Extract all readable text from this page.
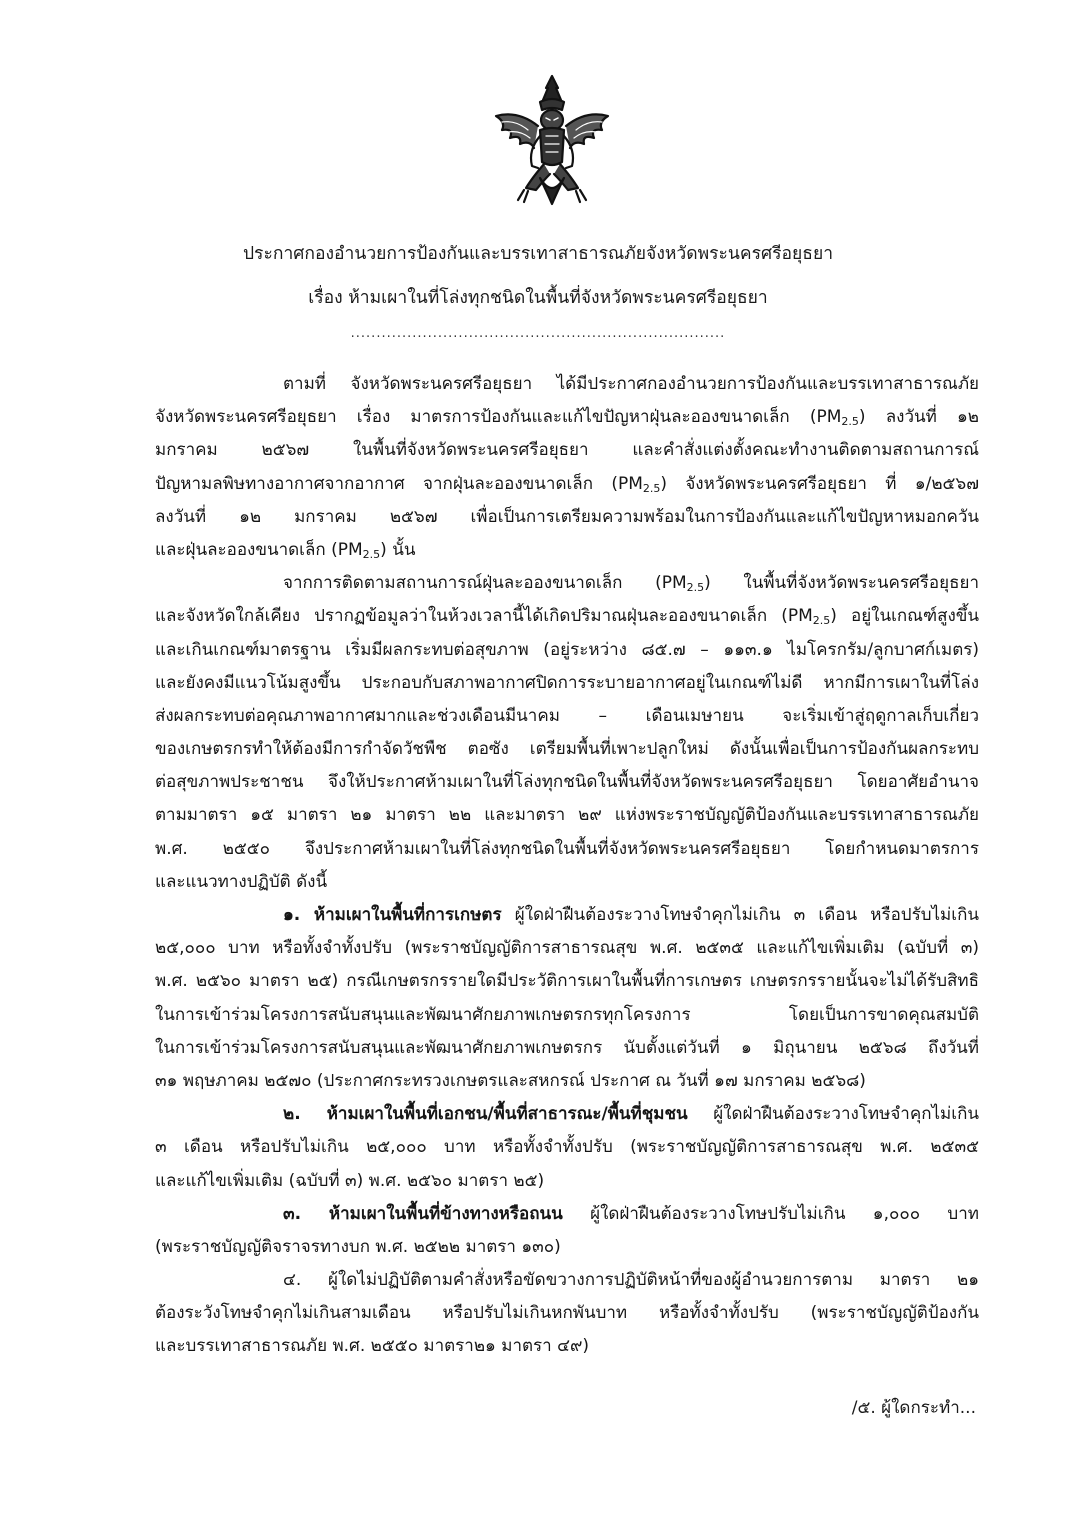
ประกาศกองอำนวยการป้องกันและบรรเทาสาธารณภัยจังหวัดพระนครศรีอยุธยา
เรื่อง ห้ามเผาในที่โล่งทุกชนิดในพื้นที่จังหวัดพระนครศรีอยุธยา
.........................................................................
ตามที่ จังหวัดพระนครศรีอยุธยา ได้มีประกาศกองอำนวยการป้องกันและบรรเทาสาธารณภัย
จังหวัดพระนครศรีอยุธยา เรื่อง มาตรการป้องกันและแก้ไขปัญหาฝุ่นละอองขนาดเล็ก $(PM_{2.5})$ ลงวันที่ ๑๒
มกราคม ๒๕๖๗ ในพื้นที่จังหวัดพระนครศรีอยุธยา และคำสั่งแต่งตั้งคณะทำงานติดตามสถานการณ์
ปัญหามลพิษทางอากาศจากอากาศ จากฝุ่นละอองขนาดเล็ก $(PM_{2.5})$ จังหวัดพระนครศรีอยุธยา ที่ ๑/๒๕๖๗
ลงวันที่ ๑๒ มกราคม ๒๕๖๗ เพื่อเป็นการเตรียมความพร้อมในการป้องกันและแก้ไขปัญหาหมอกควัน
และฝุ่นละอองขนาดเล็ก $(PM_{2.5})$ นั้น
จากการติดตามสถานการณ์ฝุ่นละอองขนาดเล็ก $(PM_{2.5})$ ในพื้นที่จังหวัดพระนครศรีอยุธยา
และจังหวัดใกล้เคียง ปรากฏข้อมูลว่าในห้วงเวลานี้ได้เกิดปริมาณฝุ่นละอองขนาดเล็ก $(PM_{2.5})$ อยู่ในเกณฑ์สูงขึ้น
และเกินเกณฑ์มาตรฐาน เริ่มมีผลกระทบต่อสุขภาพ (อยู่ระหว่าง ๘๕.๗ – ๑๑๓.๑ ไมโครกรัม/ลูกบาศก์เมตร)
และยังคงมีแนวโน้มสูงขึ้น ประกอบกับสภาพอากาศปิดการระบายอากาศอยู่ในเกณฑ์ไม่ดี หากมีการเผาในที่โล่ง
ส่งผลกระทบต่อคุณภาพอากาศมากและช่วงเดือนมีนาคม – เดือนเมษายน จะเริ่มเข้าสู่ฤดูกาลเก็บเกี่ยว
ของเกษตรกรทำให้ต้องมีการกำจัดวัชพืช ตอซัง เตรียมพื้นที่เพาะปลูกใหม่ ดังนั้นเพื่อเป็นการป้องกันผลกระทบ
ต่อสุขภาพประชาชน จึงให้ประกาศห้ามเผาในที่โล่งทุกชนิดในพื้นที่จังหวัดพระนครศรีอยุธยา โดยอาศัยอำนาจ
ตามมาตรา ๑๕ มาตรา ๒๑ มาตรา ๒๒ และมาตรา ๒๙ แห่งพระราชบัญญัติป้องกันและบรรเทาสาธารณภัย
พ.ศ. ๒๕๕๐ จึงประกาศห้ามเผาในที่โล่งทุกชนิดในพื้นที่จังหวัดพระนครศรีอยุธยา โดยกำหนดมาตรการ
และแนวทางปฏิบัติ ดังนี้
๑. ห้ามเผาในพื้นที่การเกษตร ผู้ใดฝ่าฝืนต้องระวางโทษจำคุกไม่เกิน ๓ เดือน หรือปรับไม่เกิน
๒๕,๐๐๐ บาท หรือทั้งจำทั้งปรับ (พระราชบัญญัติการสาธารณสุข พ.ศ. ๒๕๓๕ และแก้ไขเพิ่มเติม (ฉบับที่ ๓)
พ.ศ. ๒๕๖๐ มาตรา ๒๕) กรณีเกษตรกรรายใดมีประวัติการเผาในพื้นที่การเกษตร เกษตรกรรายนั้นจะไม่ได้รับสิทธิ
ในการเข้าร่วมโครงการสนับสนุนและพัฒนาศักยภาพเกษตรกรทุกโครงการ โดยเป็นการขาดคุณสมบัติ
ในการเข้าร่วมโครงการสนับสนุนและพัฒนาศักยภาพเกษตรกร นับตั้งแต่วันที่ ๑ มิถุนายน ๒๕๖๘ ถึงวันที่
๓๑ พฤษภาคม ๒๕๗๐ (ประกาศกระทรวงเกษตรและสหกรณ์ ประกาศ ณ วันที่ ๑๗ มกราคม ๒๕๖๘)
๒. ห้ามเผาในพื้นที่เอกชน/พื้นที่สาธารณะ/พื้นที่ชุมชน ผู้ใดฝ่าฝืนต้องระวางโทษจำคุกไม่เกิน
๓ เดือน หรือปรับไม่เกิน ๒๕,๐๐๐ บาท หรือทั้งจำทั้งปรับ (พระราชบัญญัติการสาธารณสุข พ.ศ. ๒๕๓๕
และแก้ไขเพิ่มเติม (ฉบับที่ ๓) พ.ศ. ๒๕๖๐ มาตรา ๒๕)
๓. ห้ามเผาในพื้นที่ข้างทางหรือถนน ผู้ใดฝ่าฝืนต้องระวางโทษปรับไม่เกิน ๑,๐๐๐ บาท
(พระราชบัญญัติจราจรทางบก พ.ศ. ๒๕๒๒ มาตรา ๑๓๐)
๔. ผู้ใดไม่ปฏิบัติตามคำสั่งหรือขัดขวางการปฏิบัติหน้าที่ของผู้อำนวยการตาม มาตรา ๒๑
ต้องระวังโทษจำคุกไม่เกินสามเดือน หรือปรับไม่เกินหกพันบาท หรือทั้งจำทั้งปรับ (พระราชบัญญัติป้องกัน
และบรรเทาสาธารณภัย พ.ศ. ๒๕๕๐ มาตรา๒๑ มาตรา ๔๙)
/๕. ผู้ใดกระทำ...
